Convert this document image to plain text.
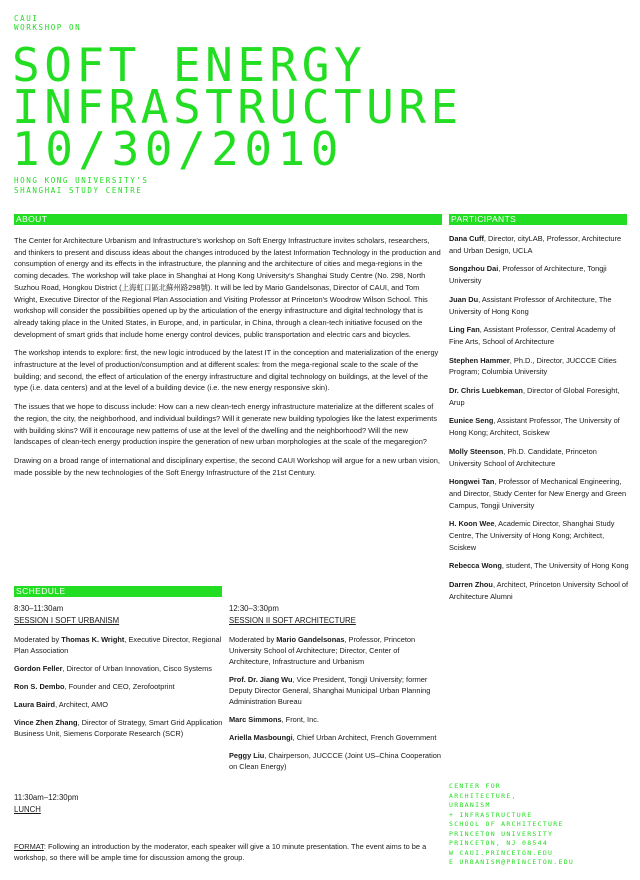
CAUI
WORKSHOP ON
SOFT ENERGY
INFRASTRUCTURE
10/30/2010
HONG KONG UNIVERSITY'S
SHANGHAI STUDY CENTRE
ABOUT

The Center for Architecture Urbanism and Infrastructure's workshop on Soft Energy Infrastructure invites scholars, researchers, and thinkers to present and discuss ideas about the changes introduced by the latest Information Technology in the production and consumption of energy and its effects in the infrastructure, the planning and the architecture of cities and mega-regions in the coming decades. The workshop will take place in Shanghai at Hong Kong University's Shanghai Study Centre (No. 298, North Suzhou Road, Hongkou District (上海虹口區北蘇州路298號). It will be led by Mario Gandelsonas, Director of CAUI, and Tom Wright, Executive Director of the Regional Plan Association and Visiting Professor at Princeton's Woodrow Wilson School. This workshop will consider the possibilities opened up by the articulation of the energy infrastructure and digital technology that is already taking place in the United States, in Europe, and, in particular, in China, through a clean-tech initiative focused on the development of smart grids that include home energy control devices, public transportation and electric cars and bicycles.

The workshop intends to explore: first, the new logic introduced by the latest IT in the conception and materialization of the energy infrastructure at the level of production/consumption and at different scales: from the mega-regional scale to the scale of the building; and second, the effect of articulation of the energy infrastructure and digital technology on buildings, at the level of the type (i.e. data centers) and at the level of a building device (i.e. the new energy responsive skin).

The issues that we hope to discuss include: How can a new clean-tech energy infrastructure materialize at the different scales of the region, the city, the neighborhood, and individual buildings? Will it generate new building typologies like the latest experiments with building skins? Will it encourage new patterns of use at the level of the dwelling and the neighborhood? Will the new landscapes of clean-tech energy production inspire the generation of new urban morphologies at the scale of the megaregion?

Drawing on a broad range of international and disciplinary expertise, the second CAUI Workshop will argue for a new urban vision, made possible by the new technologies of the Soft Energy Infrastructure of the 21st Century.

PARTICIPANTS
Dana Cuff, Director, cityLAB, Professor, Architecture and Urban Design, UCLA
Songzhou Dai, Professor of Architecture, Tongji University
Juan Du, Assistant Professor of Architecture, The University of Hong Kong
Ling Fan, Assistant Professor, Central Academy of Fine Arts, School of Architecture
Stephen Hammer, Ph.D., Director, JUCCCE Cities Program; Columbia University
Dr. Chris Luebkeman, Director of Global Foresight, Arup
Eunice Seng, Assistant Professor, The University of Hong Kong; Architect, Sciskew
Molly Steenson, Ph.D. Candidate, Princeton University School of Architecture
Hongwei Tan, Professor of Mechanical Engineering, and Director, Study Center for New Energy and Green Campus, Tongji University
H. Koon Wee, Academic Director, Shanghai Study Centre, The University of Hong Kong; Architect, Sciskew
Rebecca Wong, student, The University of Hong Kong
Darren Zhou, Architect, Princeton University School of Architecture Alumni
SCHEDULE
8:30–11:30am
SESSION I SOFT URBANISM
Moderated by Thomas K. Wright, Executive Director, Regional Plan Association
Gordon Feller, Director of Urban Innovation, Cisco Systems
Ron S. Dembo, Founder and CEO, Zerofootprint
Laura Baird, Architect, AMO
Vince Zhen Zhang, Director of Strategy, Smart Grid Application Business Unit, Siemens Corporate Research (SCR)
12:30–3:30pm
SESSION II SOFT ARCHITECTURE
Moderated by Mario Gandelsonas, Professor, Princeton University School of Architecture; Director, Center of Architecture, Infrastructure and Urbanism
Prof. Dr. Jiang Wu, Vice President, Tongji University; former Deputy Director General, Shanghai Municipal Urban Planning Administration Bureau
Marc Simmons, Front, Inc.
Ariella Masboungi, Chief Urban Architect, French Government
Peggy Liu, Chairperson, JUCCCE (Joint US–China Cooperation on Clean Energy)
11:30am–12:30pm
LUNCH
FORMAT: Following an introduction by the moderator, each speaker will give a 10 minute presentation. The event aims to be a workshop, so there will be ample time for discussion among the group.
CENTER FOR
ARCHITECTURE,
URBANISM
+ INFRASTRUCTURE
SCHOOL OF ARCHITECTURE
PRINCETON UNIVERSITY
PRINCETON, NJ 08544
W CAUI.PRINCETON.EDU
E URBANISM@PRINCETON.EDU
